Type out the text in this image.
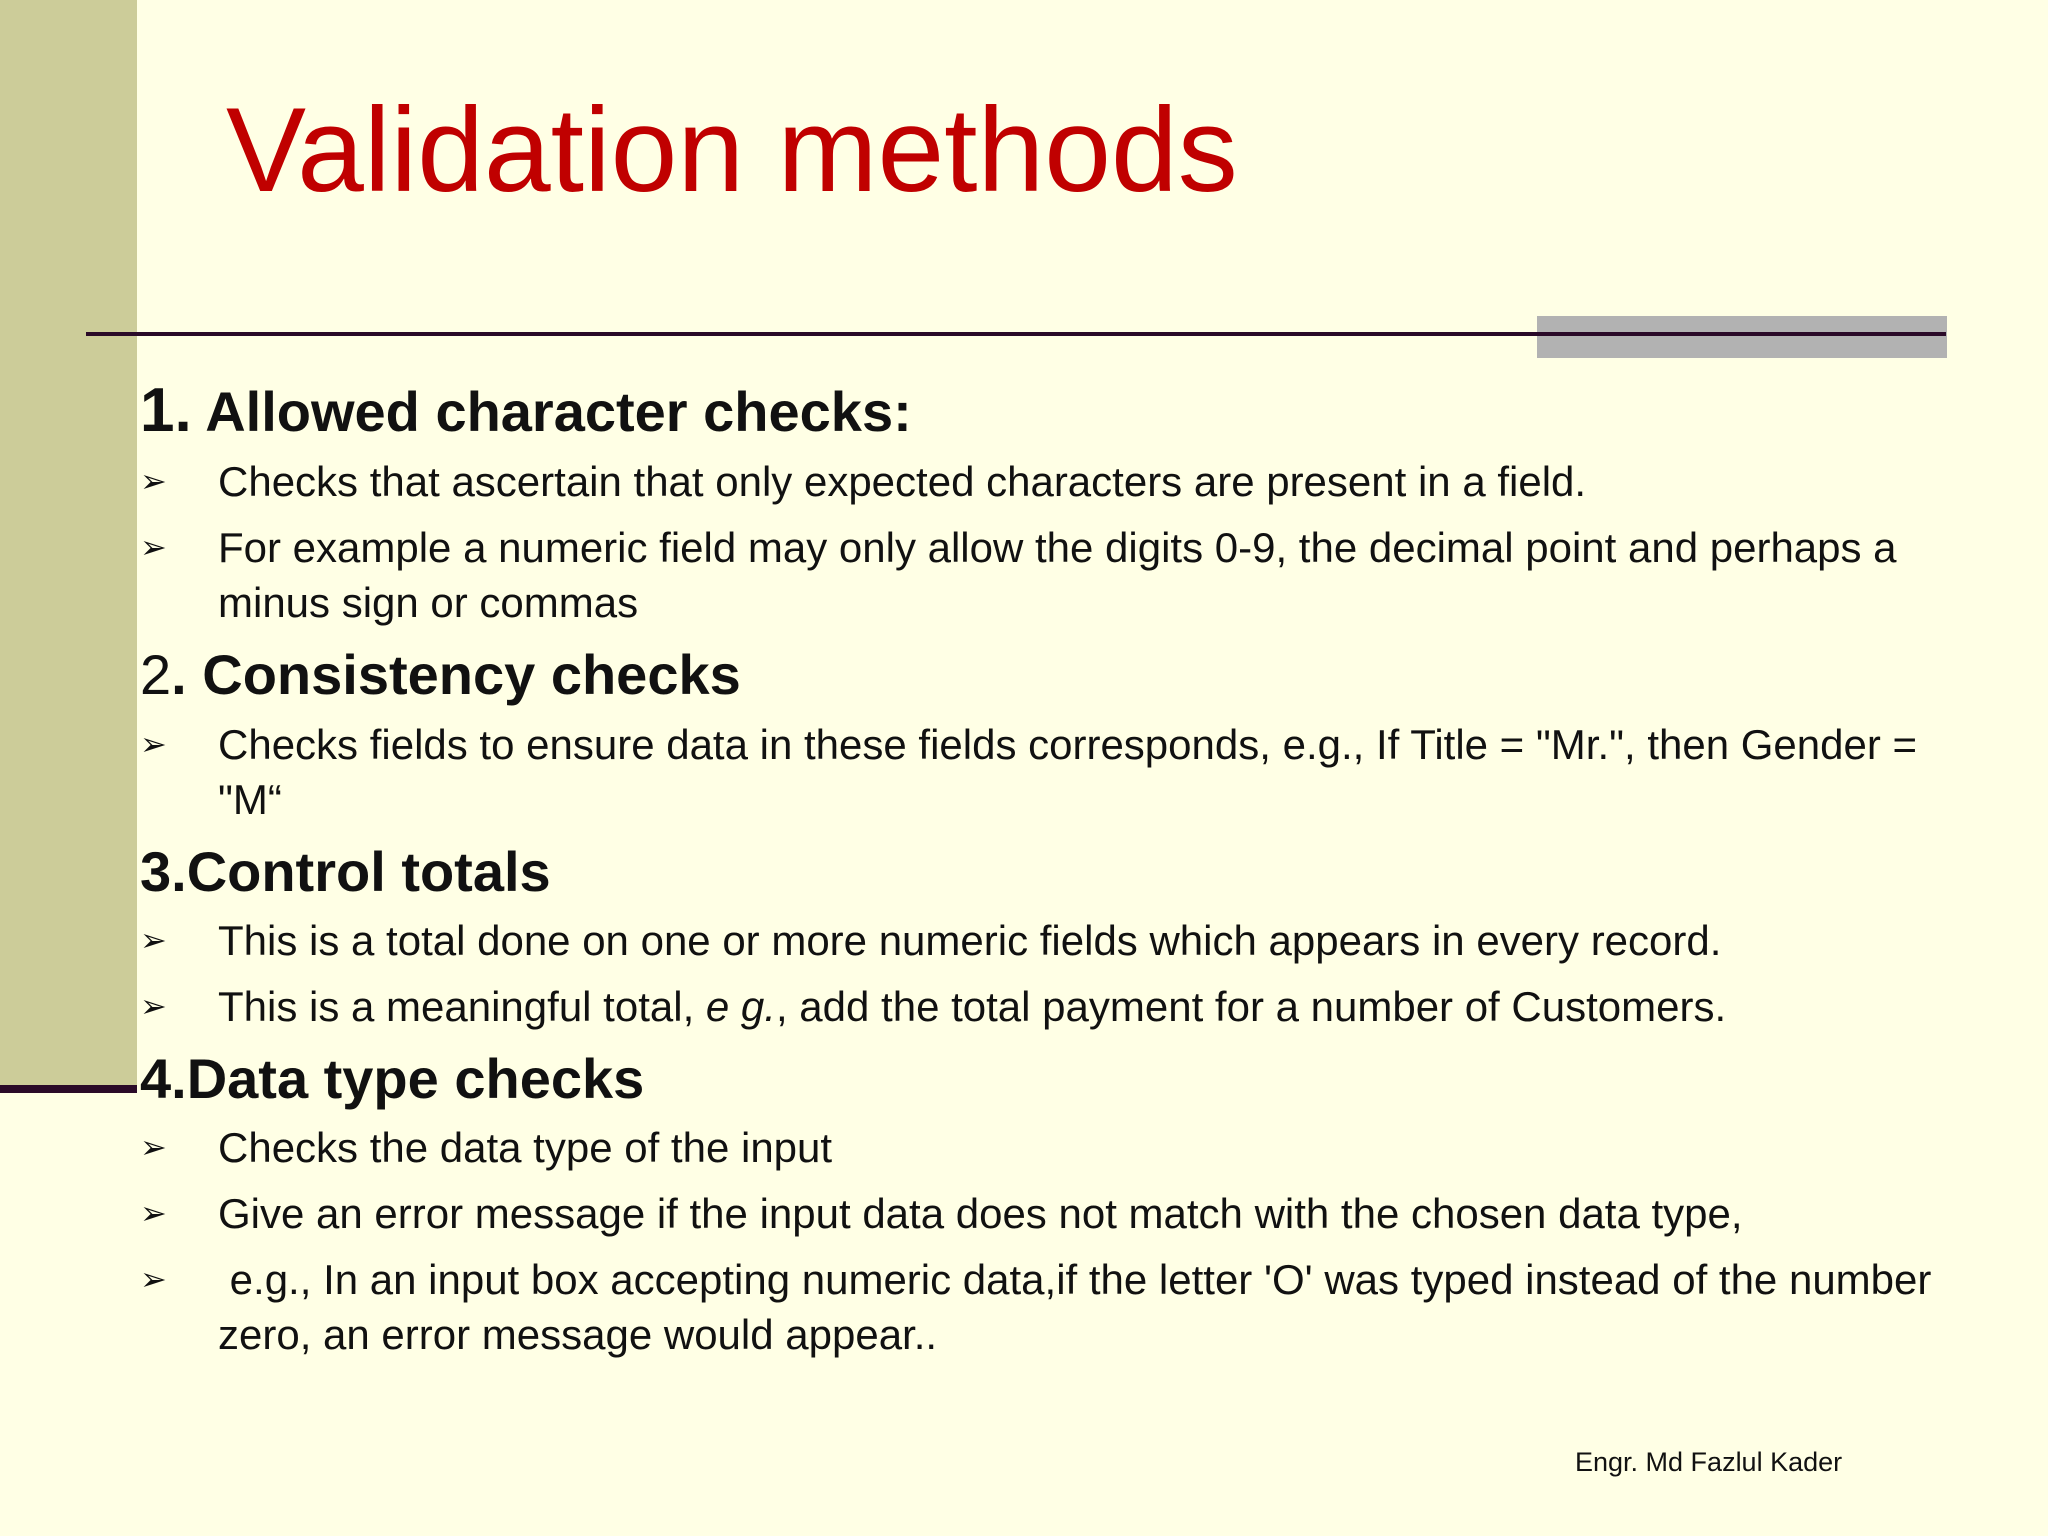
Validation methods
1. Allowed character checks:
➢	Checks that ascertain that only expected characters are present in a field.
➢	For example a numeric field may only allow the digits 0-9, the decimal point and perhaps a minus sign or commas
2. Consistency checks
➢	Checks fields to ensure data in these fields corresponds, e.g., If Title = "Mr.", then Gender = "M“
3.Control totals
➢	This is a total done on one or more numeric fields which appears in every record.
➢	This is a meaningful total, e g., add the total payment for a number of Customers.
4.Data type checks
➢	Checks the data type of the input
➢	Give an error message if the input data does not match with the chosen data type,
➢	e.g., In an input box accepting numeric data,if the letter 'O' was typed instead of the number zero, an error message would appear..
Engr. Md Fazlul Kader
